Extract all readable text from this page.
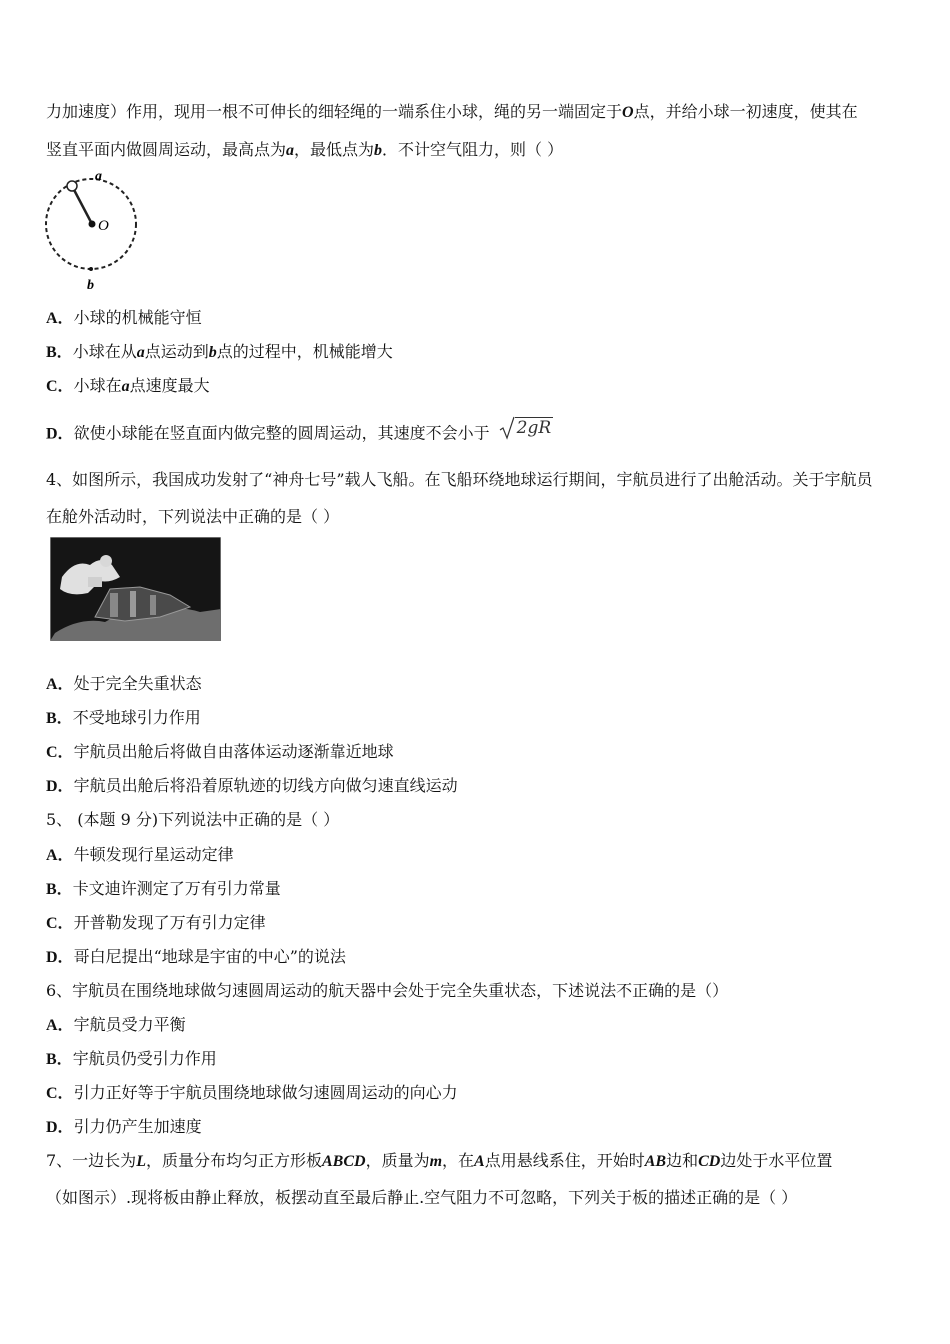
力加速度）作用，现用一根不可伸长的细轻绳的一端系住小球，绳的另一端固定于O点，并给小球一初速度，使其在
竖直平面内做圆周运动，最高点为a，最低点为b．不计空气阻力，则（ ）
a
O
b
A．小球的机械能守恒
B．小球在从a点运动到b点的过程中，机械能增大
C．小球在a点速度最大
D．欲使小球能在竖直面内做完整的圆周运动，其速度不会小于 2gR
4、如图所示，我国成功发射了“神舟七号”载人飞船。在飞船环绕地球运行期间，宇航员进行了出舱活动。关于宇航员
在舱外活动时，下列说法中正确的是（ ）
A．处于完全失重状态
B．不受地球引力作用
C．宇航员出舱后将做自由落体运动逐渐靠近地球
D．宇航员出舱后将沿着原轨迹的切线方向做匀速直线运动
5、 (本题 9 分)下列说法中正确的是（ ）
A．牛顿发现行星运动定律
B．卡文迪许测定了万有引力常量
C．开普勒发现了万有引力定律
D．哥白尼提出“地球是宇宙的中心”的说法
6、宇航员在围绕地球做匀速圆周运动的航天器中会处于完全失重状态，下述说法不正确的是（）
A．宇航员受力平衡
B．宇航员仍受引力作用
C．引力正好等于宇航员围绕地球做匀速圆周运动的向心力
D．引力仍产生加速度
7、一边长为L，质量分布均匀正方形板ABCD，质量为m，在A点用悬线系住，开始时AB边和CD边处于水平位置
（如图示）.现将板由静止释放，板摆动直至最后静止.空气阻力不可忽略，下列关于板的描述正确的是（ ）
